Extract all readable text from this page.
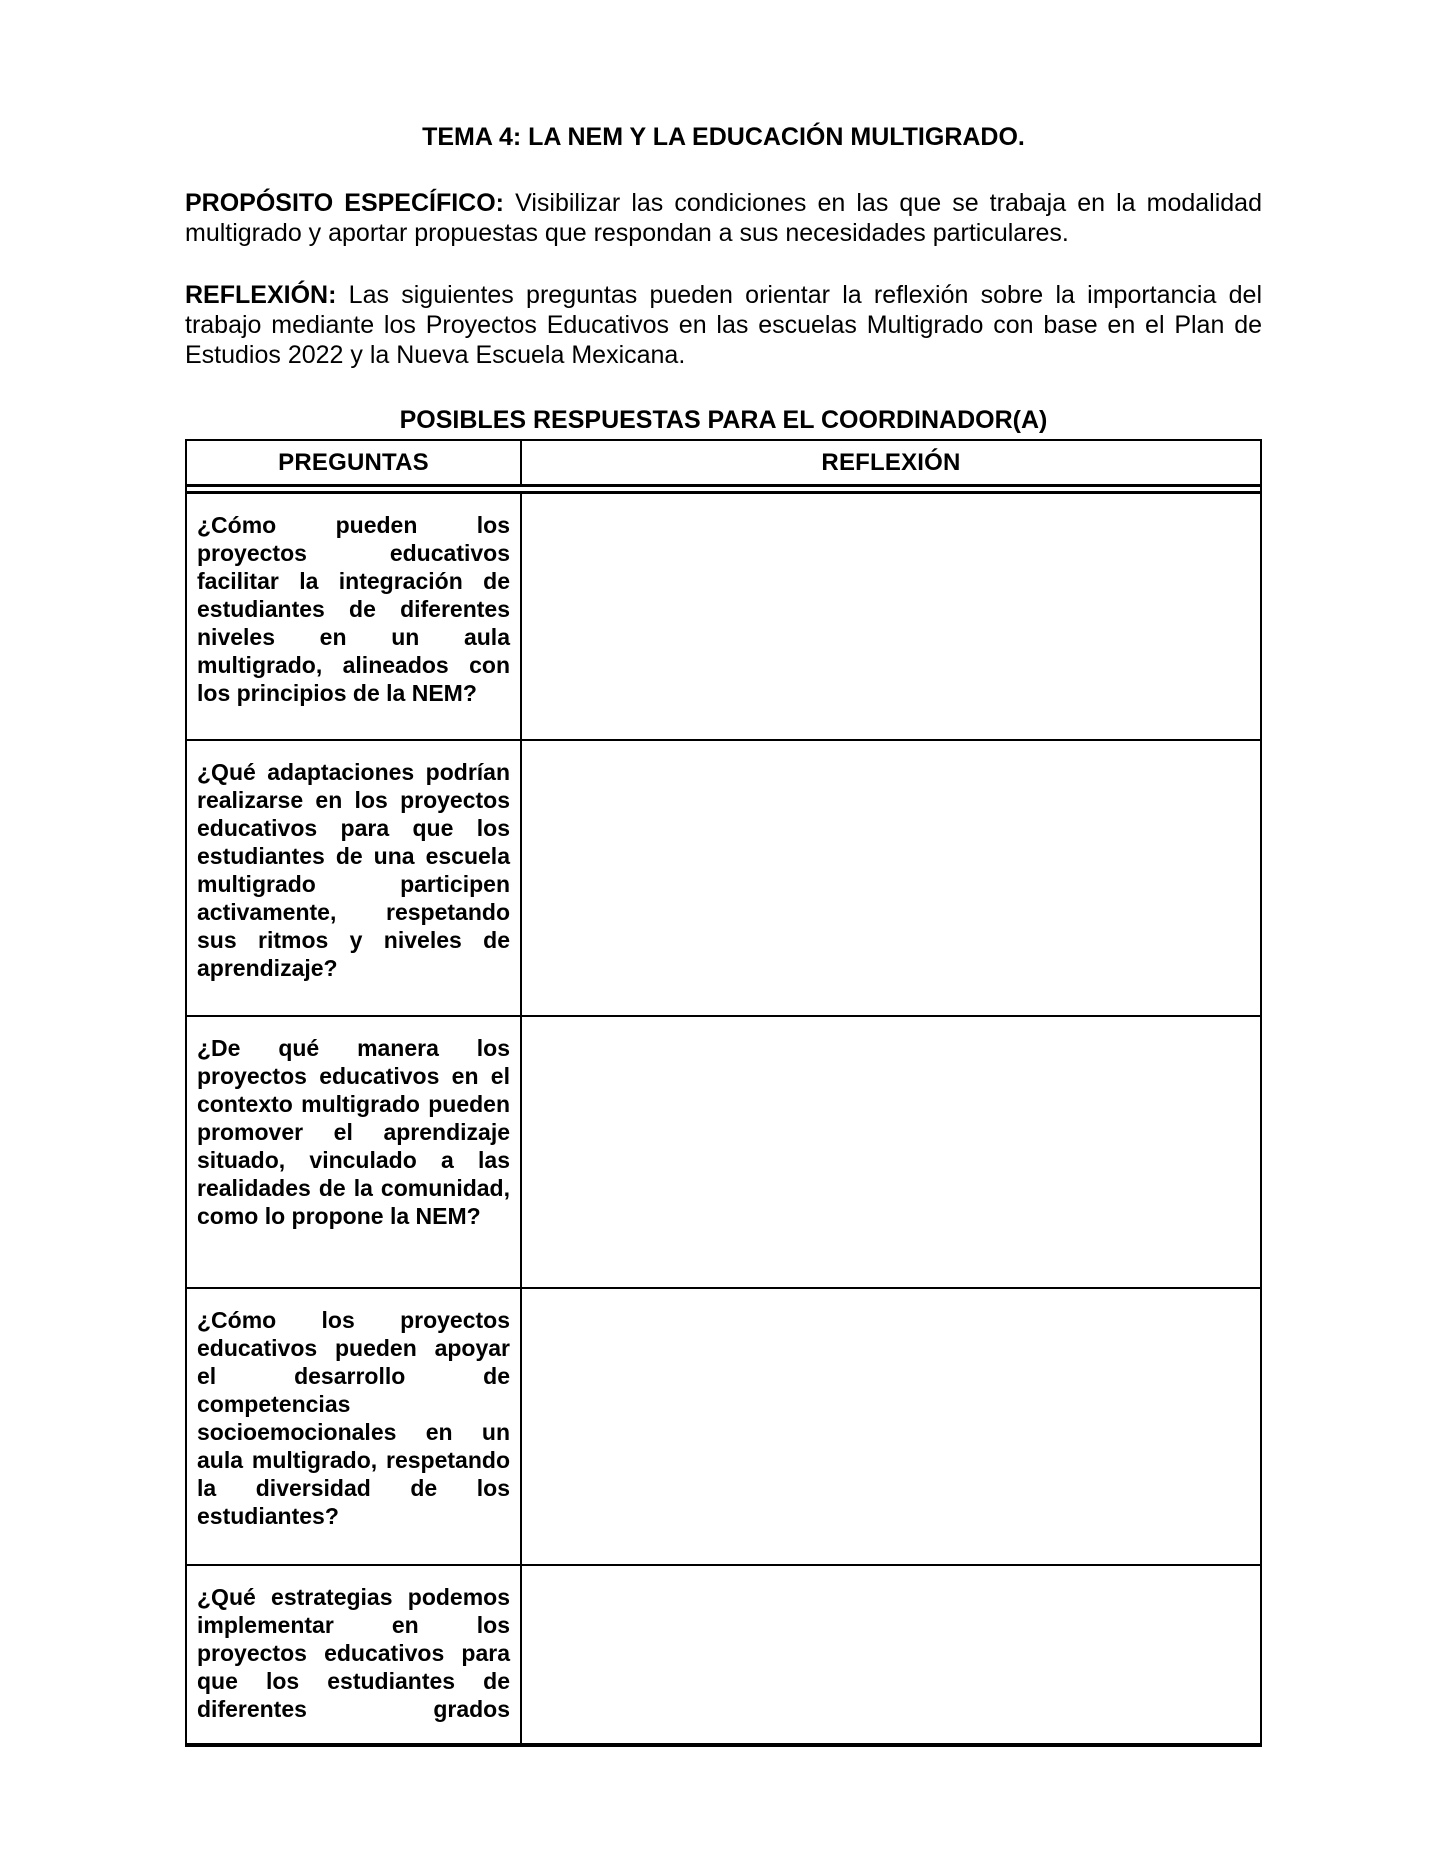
TEMA 4: LA NEM Y LA EDUCACIÓN MULTIGRADO.

PROPÓSITO ESPECÍFICO: Visibilizar las condiciones en las que se trabaja en la modalidad multigrado y aportar propuestas que respondan a sus necesidades particulares.

REFLEXIÓN: Las siguientes preguntas pueden orientar la reflexión sobre la importancia del trabajo mediante los Proyectos Educativos en las escuelas Multigrado con base en el Plan de Estudios 2022 y la Nueva Escuela Mexicana.

POSIBLES RESPUESTAS PARA EL COORDINADOR(A)
PREGUNTAS	REFLEXIÓN
¿Cómo pueden los proyectos educativos facilitar la integración de estudiantes de diferentes niveles en un aula multigrado, alineados con los principios de la NEM?
¿Qué adaptaciones podrían realizarse en los proyectos educativos para que los estudiantes de una escuela multigrado participen activamente, respetando sus ritmos y niveles de aprendizaje?
¿De qué manera los proyectos educativos en el contexto multigrado pueden promover el aprendizaje situado, vinculado a las realidades de la comunidad, como lo propone la NEM?
¿Cómo los proyectos educativos pueden apoyar el desarrollo de competencias socioemocionales en un aula multigrado, respetando la diversidad de los estudiantes?
¿Qué estrategias podemos implementar en los proyectos educativos para que los estudiantes de diferentes grados
